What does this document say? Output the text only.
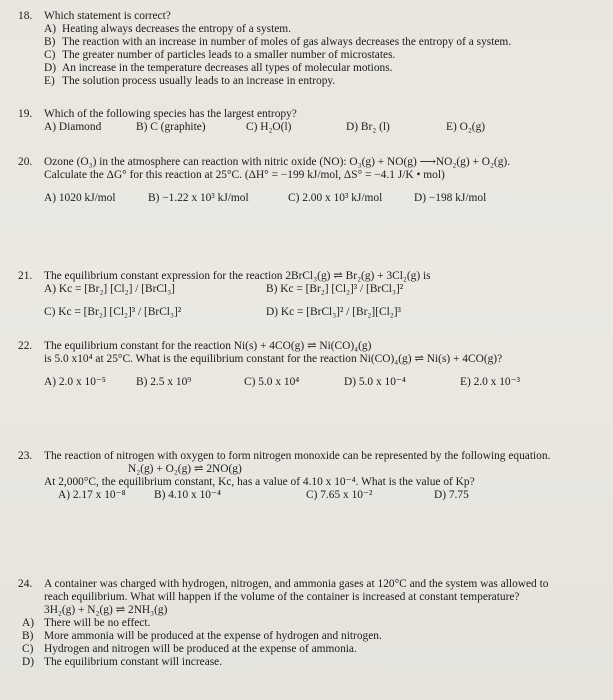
18. Which statement is correct?
A) Heating always decreases the entropy of a system.
B) The reaction with an increase in number of moles of gas always decreases the entropy of a system.
C) The greater number of particles leads to a smaller number of microstates.
D) An increase in the temperature decreases all types of molecular motions.
E) The solution process usually leads to an increase in entropy.
19. Which of the following species has the largest entropy?
A) Diamond	B) C (graphite)	C) H₂O(l)	D) Br₂ (l)	E) O₂(g)
20. Ozone (O₃) in the atmosphere can reaction with nitric oxide (NO): O₃(g) + NO(g) ⟶NO₂(g) + O₂(g).
Calculate the ΔG° for this reaction at 25°C. (ΔH° = −199 kJ/mol, ΔS° = −4.1 J/K • mol)
A) 1020 kJ/mol	B) −1.22 x 10³ kJ/mol	C) 2.00 x 10³ kJ/mol	D) −198 kJ/mol
21. The equilibrium constant expression for the reaction 2BrCl₃(g) ⇌ Br₂(g) + 3Cl₂(g) is
A) Kc = [Br₂] [Cl₂] / [BrCl₃]	B) Kc = [Br₂] [Cl₂]³ / [BrCl₃]²
C) Kc = [Br₂] [Cl₂]³ / [BrCl₃]²	D) Kc = [BrCl₃]² / [Br₂][Cl₂]³
22. The equilibrium constant for the reaction Ni(s) + 4CO(g) ⇌ Ni(CO)₄(g)
is 5.0 x10⁴ at 25°C. What is the equilibrium constant for the reaction Ni(CO)₄(g) ⇌ Ni(s) + 4CO(g)?
A) 2.0 x 10⁻⁵	B) 2.5 x 10⁹	C) 5.0 x 10⁴	D) 5.0 x 10⁻⁴	E) 2.0 x 10⁻³
23. The reaction of nitrogen with oxygen to form nitrogen monoxide can be represented by the following equation.
N₂(g) + O₂(g) ⇌ 2NO(g)
At 2,000°C, the equilibrium constant, Kc, has a value of 4.10 x 10⁻⁴. What is the value of Kp?
A) 2.17 x 10⁻⁸	B) 4.10 x 10⁻⁴	C) 7.65 x 10⁻²	D) 7.75
24. A container was charged with hydrogen, nitrogen, and ammonia gases at 120°C and the system was allowed to
reach equilibrium. What will happen if the volume of the container is increased at constant temperature?
3H₂(g) + N₂(g) ⇌ 2NH₃(g)
A) There will be no effect.
B) More ammonia will be produced at the expense of hydrogen and nitrogen.
C) Hydrogen and nitrogen will be produced at the expense of ammonia.
D) The equilibrium constant will increase.
